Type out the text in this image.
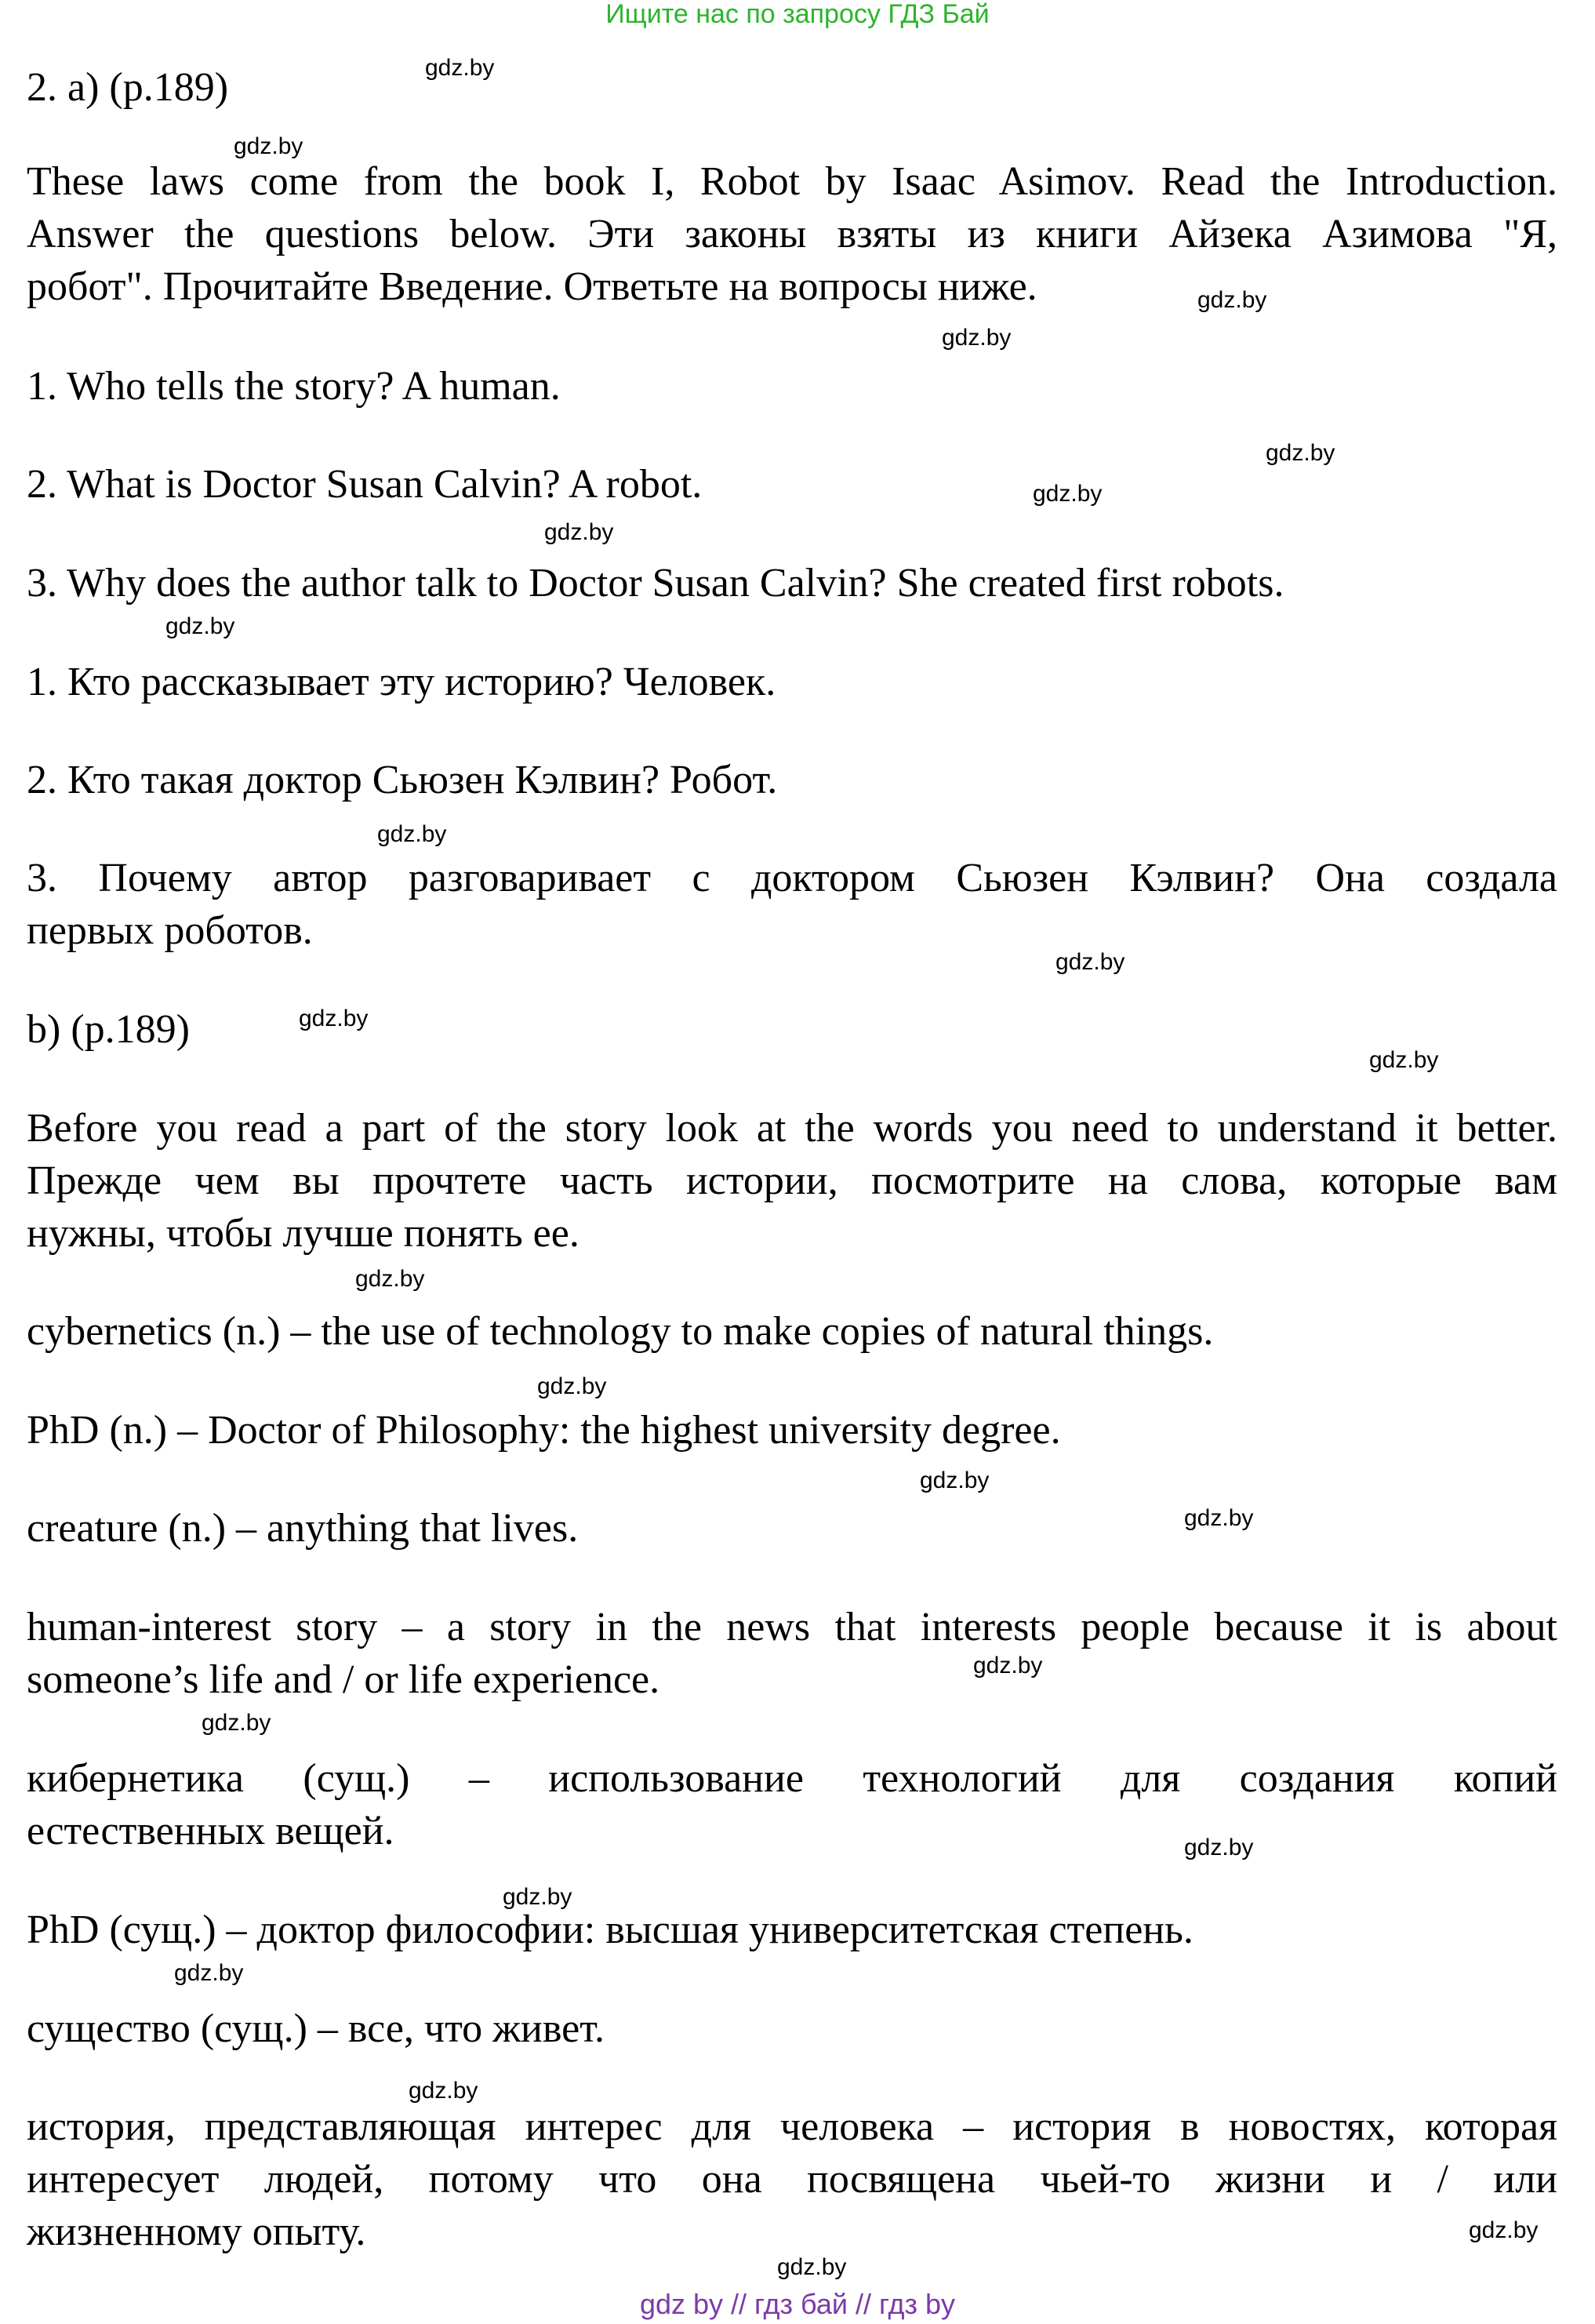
Ищите нас по запросу ГДЗ Бай

2. a) (p.189)

These laws come from the book I, Robot by Isaac Asimov. Read the Introduction.
Answer the questions below. Эти законы взяты из книги Айзека Азимова "Я,
робот". Прочитайте Введение. Ответьте на вопросы ниже.

1. Who tells the story? A human.

2. What is Doctor Susan Calvin? A robot.

3. Why does the author talk to Doctor Susan Calvin? She created first robots.

1. Кто рассказывает эту историю? Человек.

2. Кто такая доктор Сьюзен Кэлвин? Робот.

3. Почему автор разговаривает с доктором Сьюзен Кэлвин? Она создала
первых роботов.

b) (p.189)

Before you read a part of the story look at the words you need to understand it better.
Прежде чем вы прочтете часть истории, посмотрите на слова, которые вам
нужны, чтобы лучше понять ее.

cybernetics (n.) – the use of technology to make copies of natural things.

PhD (n.) – Doctor of Philosophy: the highest university degree.

creature (n.) – anything that lives.

human-interest story – a story in the news that interests people because it is about
someone’s life and / or life experience.

кибернетика (сущ.) – использование технологий для создания копий
естественных вещей.

PhD (сущ.) – доктор философии: высшая университетская степень.

существо (сущ.) – все, что живет.

история, представляющая интерес для человека – история в новостях, которая
интересует людей, потому что она посвящена чьей-то жизни и / или
жизненному опыту.

gdz.by
gdz.by
gdz.by
gdz.by
gdz.by
gdz.by
gdz.by
gdz.by
gdz.by
gdz.by
gdz.by
gdz.by
gdz.by
gdz.by
gdz.by
gdz.by
gdz.by
gdz.by
gdz.by
gdz.by
gdz.by
gdz.by
gdz.by
gdz.by
gdz by // гдз бай // гдз by
